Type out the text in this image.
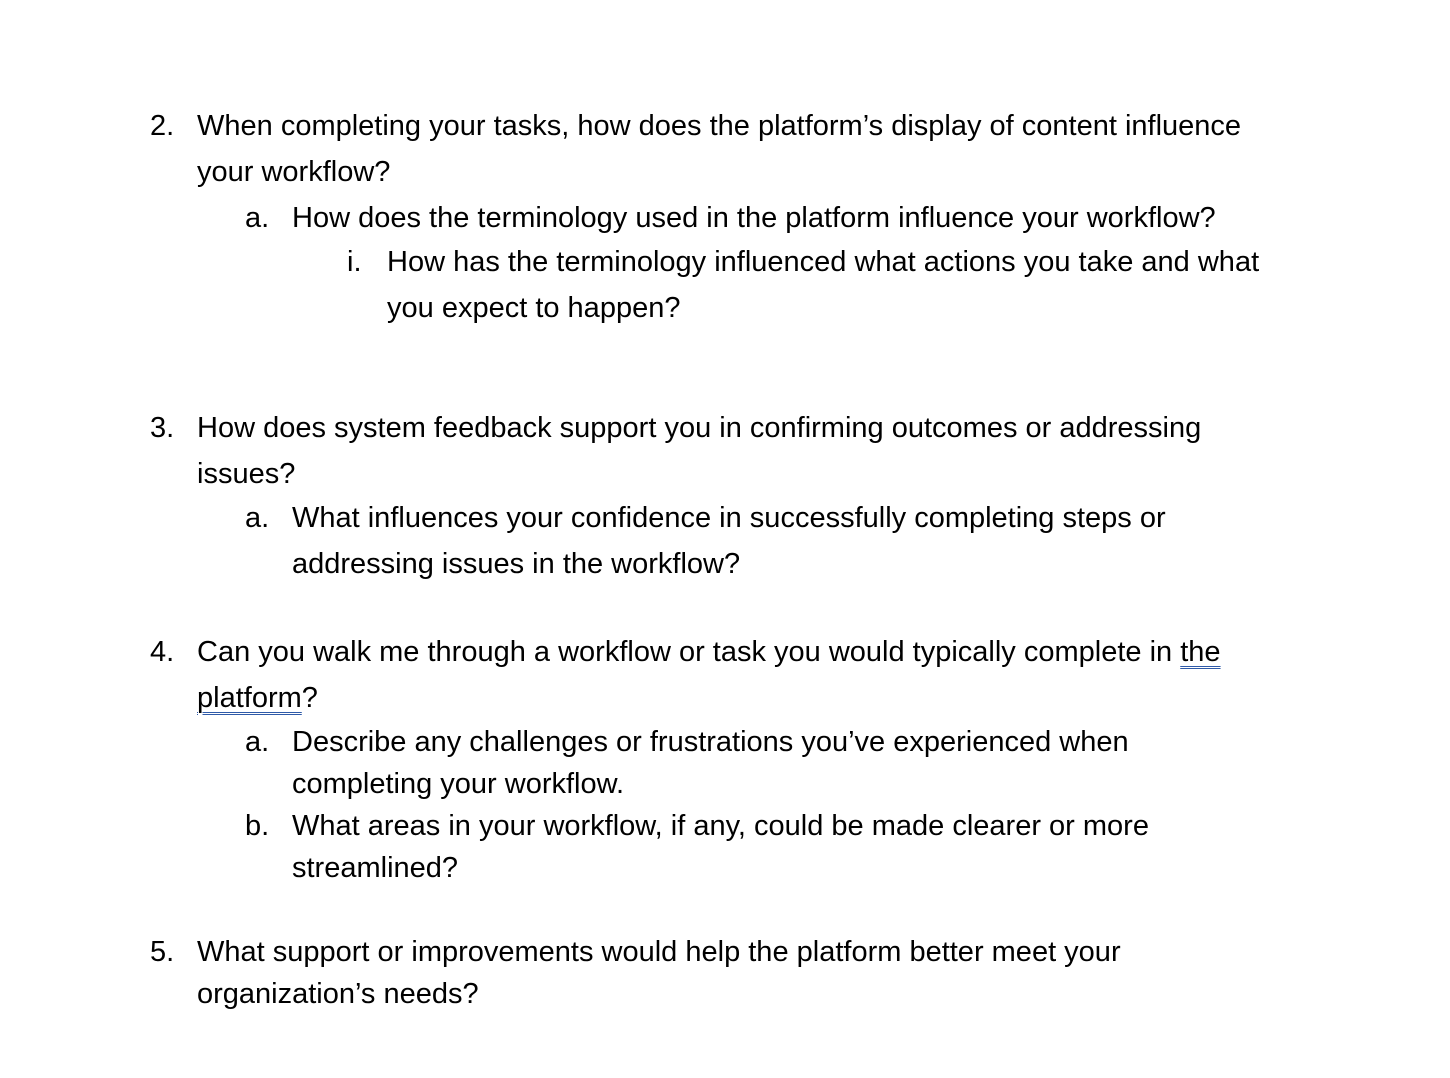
2. When completing your tasks, how does the platform’s display of content influence
your workflow?
a. How does the terminology used in the platform influence your workflow?
i. How has the terminology influenced what actions you take and what
you expect to happen?
3. How does system feedback support you in confirming outcomes or addressing
issues?
a. What influences your confidence in successfully completing steps or
addressing issues in the workflow?
4. Can you walk me through a workflow or task you would typically complete in the
platform?
a. Describe any challenges or frustrations you’ve experienced when
completing your workflow.
b. What areas in your workflow, if any, could be made clearer or more
streamlined?
5. What support or improvements would help the platform better meet your
organization’s needs?
